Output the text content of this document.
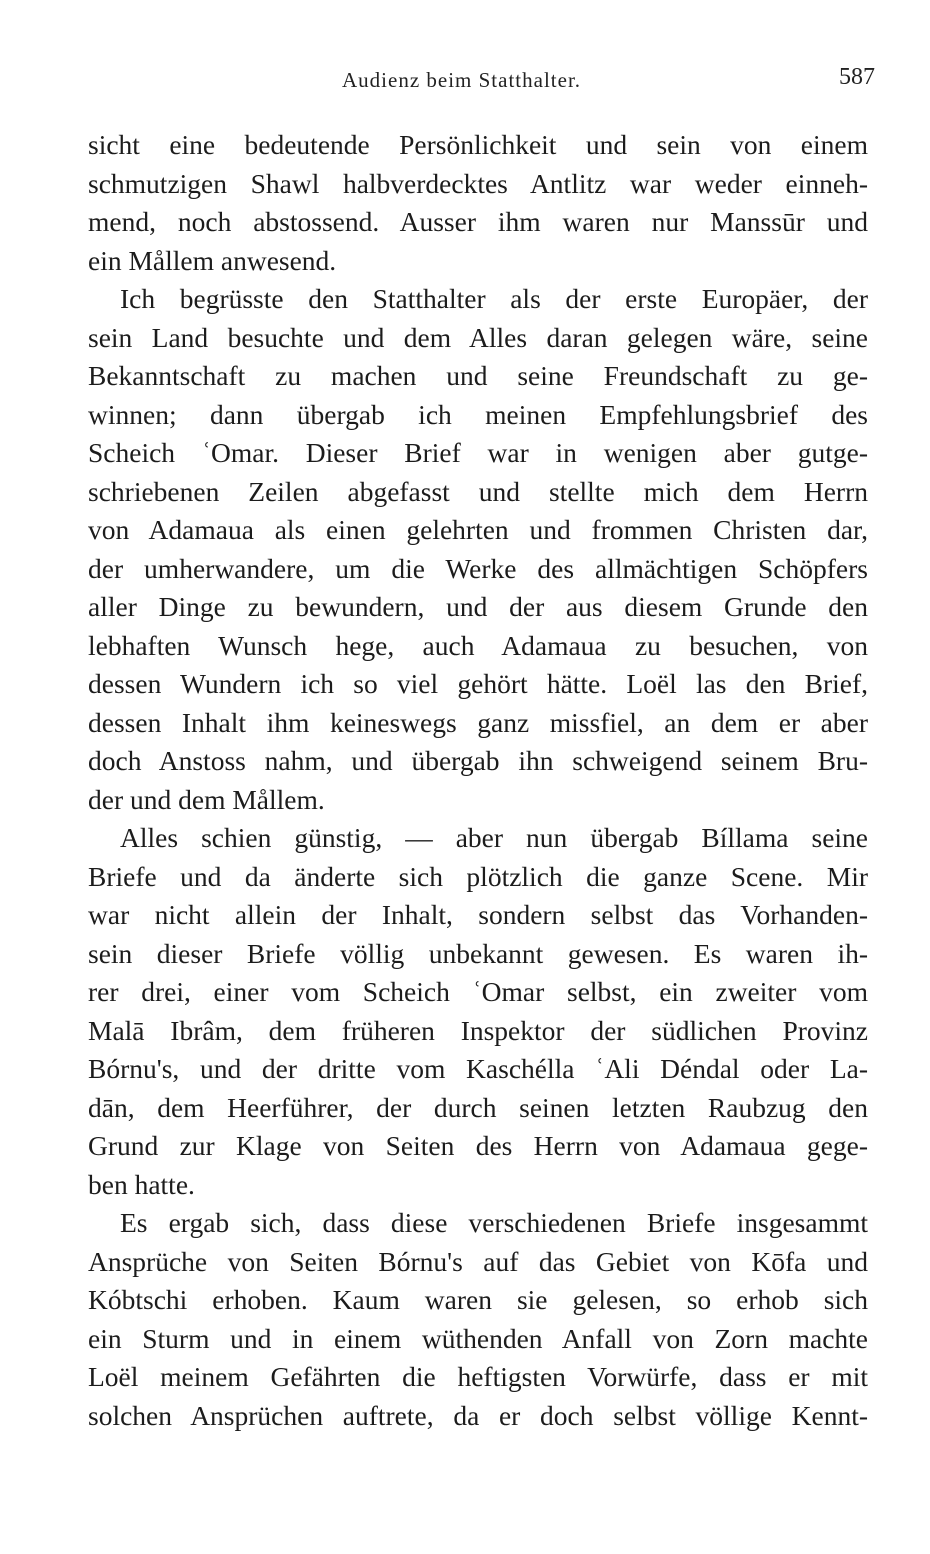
Audienz beim Statthalter.	587
sicht eine bedeutende Persönlichkeit und sein von einem
schmutzigen Shawl halbverdecktes Antlitz war weder einneh-
mend, noch abstossend. Ausser ihm waren nur Manssūr und
ein Mållem anwesend.
Ich begrüsste den Statthalter als der erste Europäer, der
sein Land besuchte und dem Alles daran gelegen wäre, seine
Bekanntschaft zu machen und seine Freundschaft zu ge-
winnen; dann übergab ich meinen Empfehlungsbrief des
Scheich ʿOmar. Dieser Brief war in wenigen aber gutge-
schriebenen Zeilen abgefasst und stellte mich dem Herrn
von Adamaua als einen gelehrten und frommen Christen dar,
der umherwandere, um die Werke des allmächtigen Schöpfers
aller Dinge zu bewundern, und der aus diesem Grunde den
lebhaften Wunsch hege, auch Adamaua zu besuchen, von
dessen Wundern ich so viel gehört hätte. Loël las den Brief,
dessen Inhalt ihm keineswegs ganz missfiel, an dem er aber
doch Anstoss nahm, und übergab ihn schweigend seinem Bru-
der und dem Mållem.
Alles schien günstig, — aber nun übergab Bíllama seine
Briefe und da änderte sich plötzlich die ganze Scene. Mir
war nicht allein der Inhalt, sondern selbst das Vorhanden-
sein dieser Briefe völlig unbekannt gewesen. Es waren ih-
rer drei, einer vom Scheich ʿOmar selbst, ein zweiter vom
Malā Ibrâm, dem früheren Inspektor der südlichen Provinz
Bórnu's, und der dritte vom Kaschélla ʿAli Déndal oder La-
dān, dem Heerführer, der durch seinen letzten Raubzug den
Grund zur Klage von Seiten des Herrn von Adamaua gege-
ben hatte.
Es ergab sich, dass diese verschiedenen Briefe insgesammt
Ansprüche von Seiten Bórnu's auf das Gebiet von Kōfa und
Kóbtschi erhoben. Kaum waren sie gelesen, so erhob sich
ein Sturm und in einem wüthenden Anfall von Zorn machte
Loël meinem Gefährten die heftigsten Vorwürfe, dass er mit
solchen Ansprüchen auftrete, da er doch selbst völlige Kennt-
